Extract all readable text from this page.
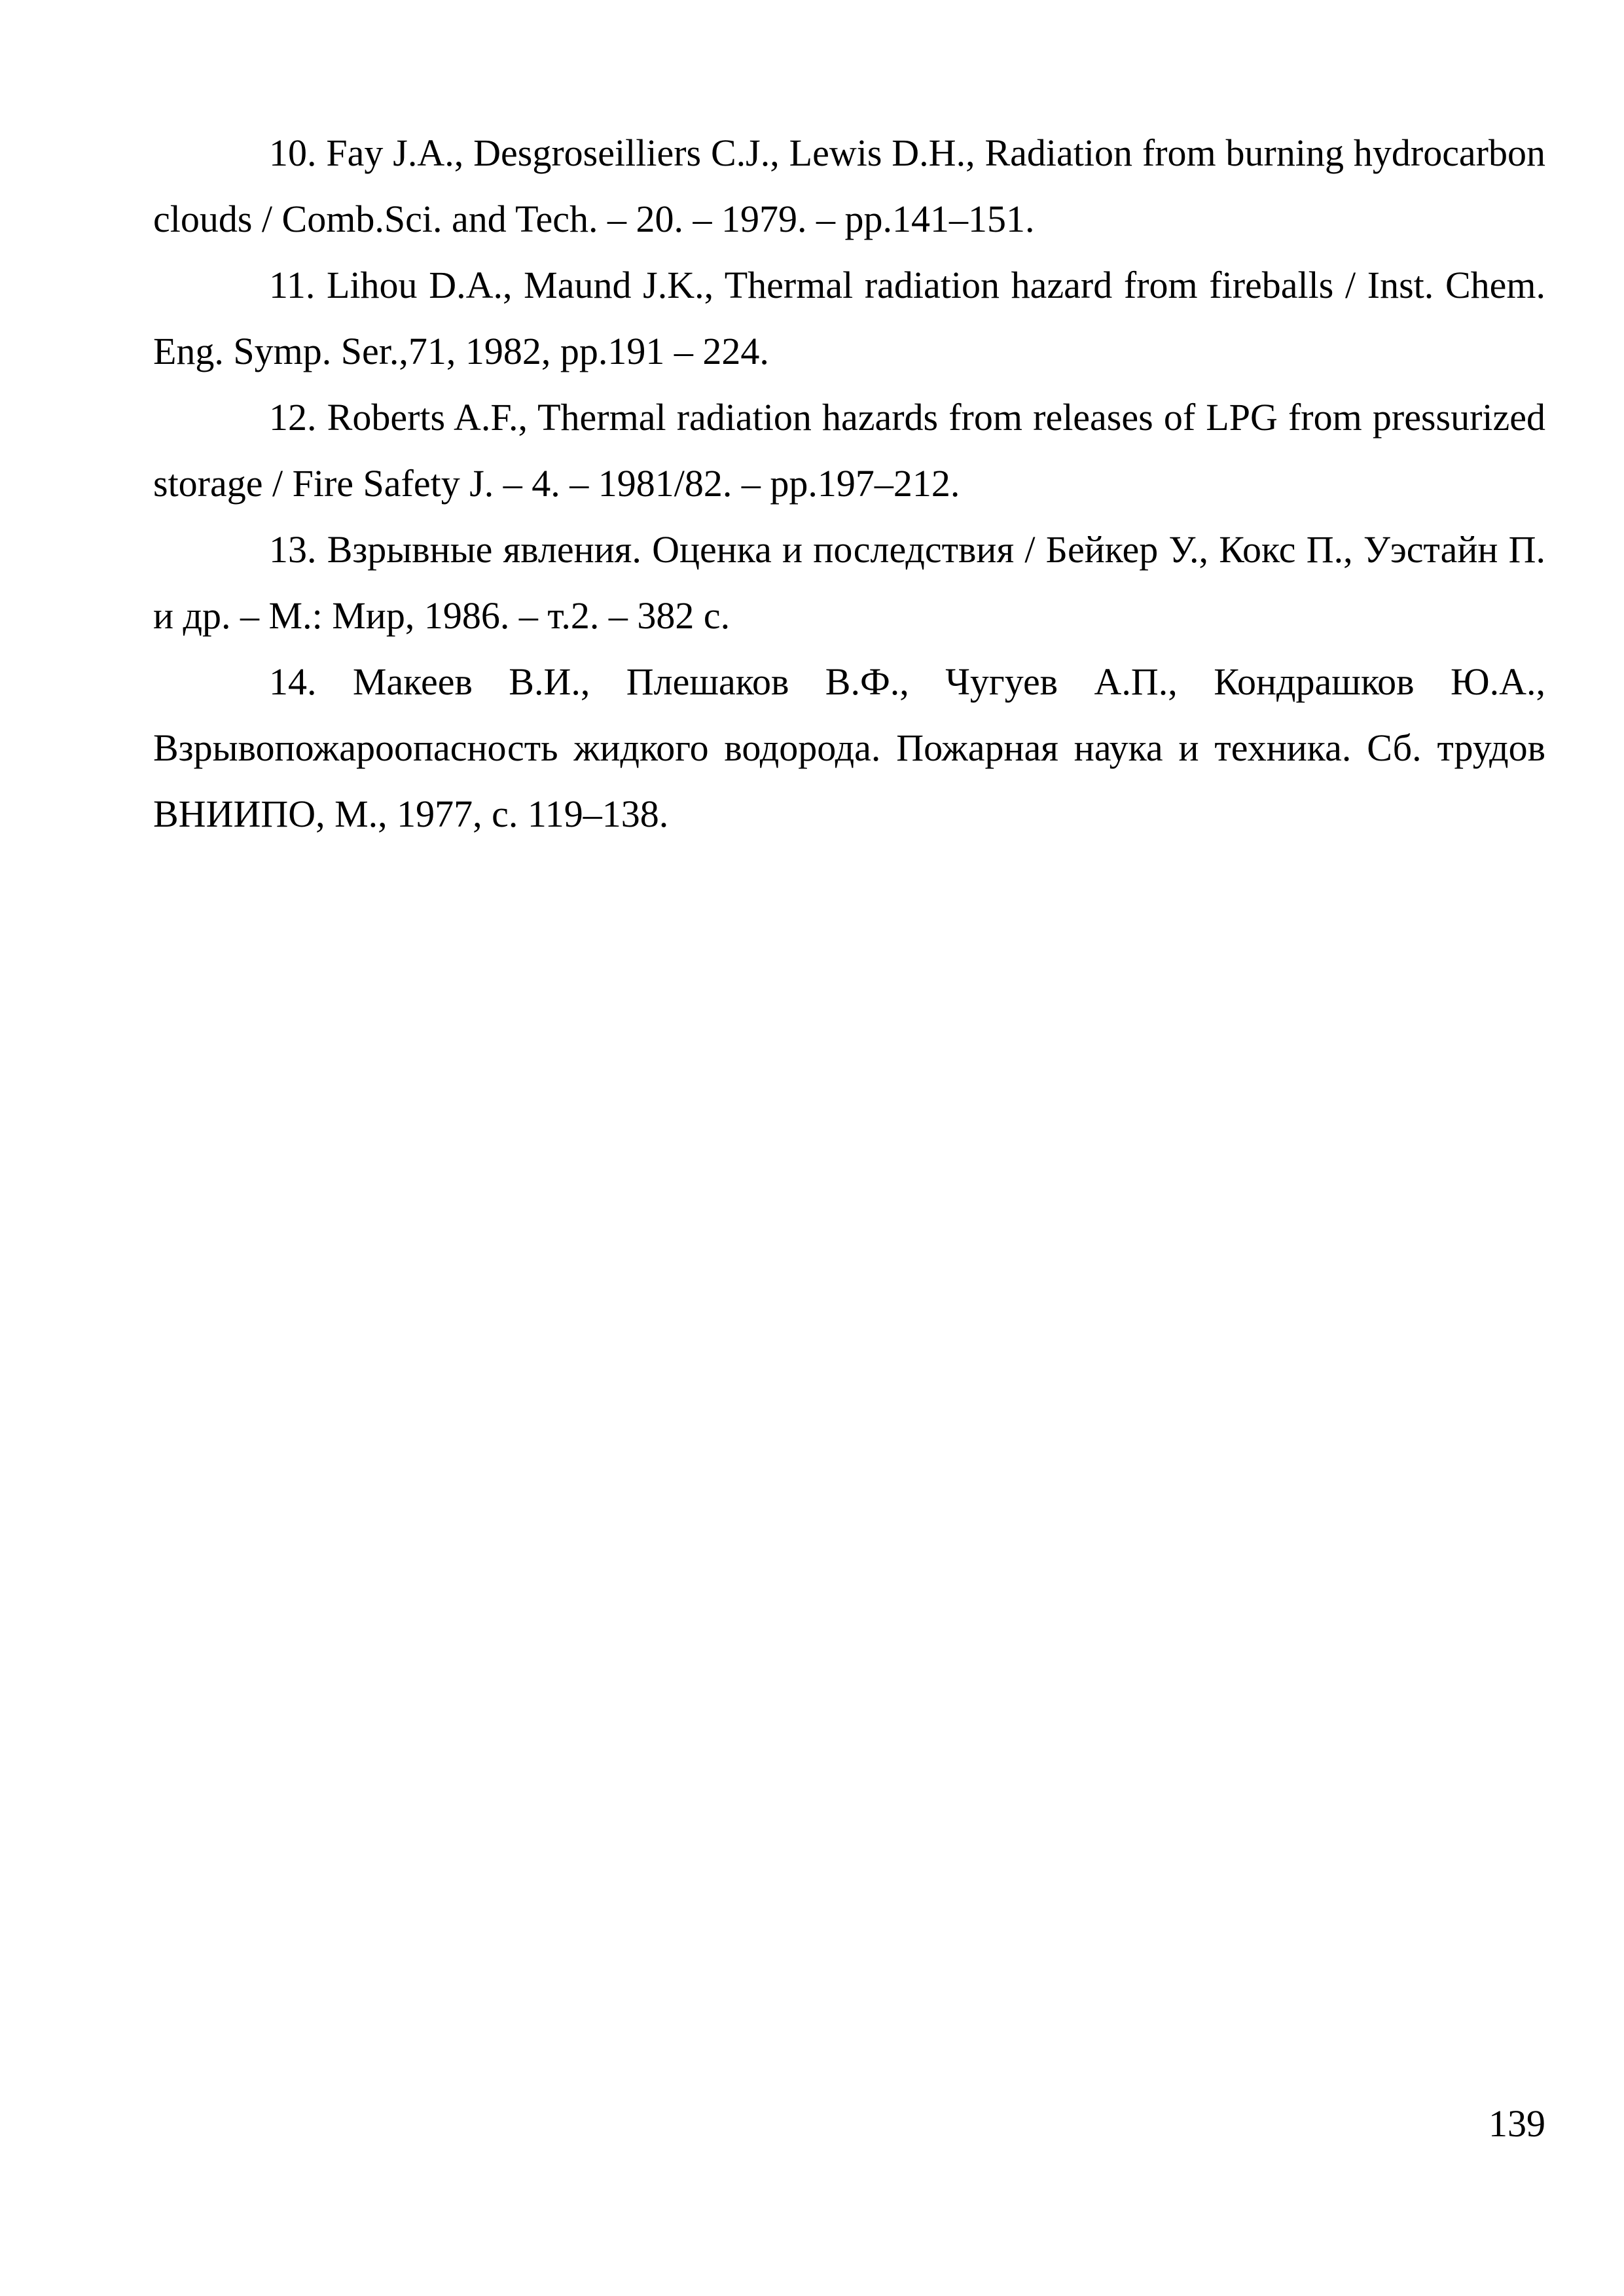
10. Fay J.A., Desgroseilliers C.J., Lewis D.H., Radiation from burning hydrocarbon clouds / Comb.Sci. and Tech. – 20. – 1979. – pp.141–151.

11. Lihou D.A., Maund J.K., Thermal radiation hazard from fireballs / Inst. Chem. Eng. Symp. Ser.,71, 1982, pp.191 – 224.

12. Roberts A.F., Thermal radiation hazards from releases of LPG from pressurized storage / Fire Safety J. – 4. – 1981/82. – pp.197–212.

13. Взрывные явления. Оценка и последствия / Бейкер У., Кокс П., Уэстайн П. и др. – М.: Мир, 1986. – т.2. – 382 с.

14. Макеев В.И., Плешаков В.Ф., Чугуев А.П., Кондрашков Ю.А., Взрывопожароопасность жидкого водорода. Пожарная наука и техника. Сб. трудов ВНИИПО, М., 1977, с. 119–138.

139
